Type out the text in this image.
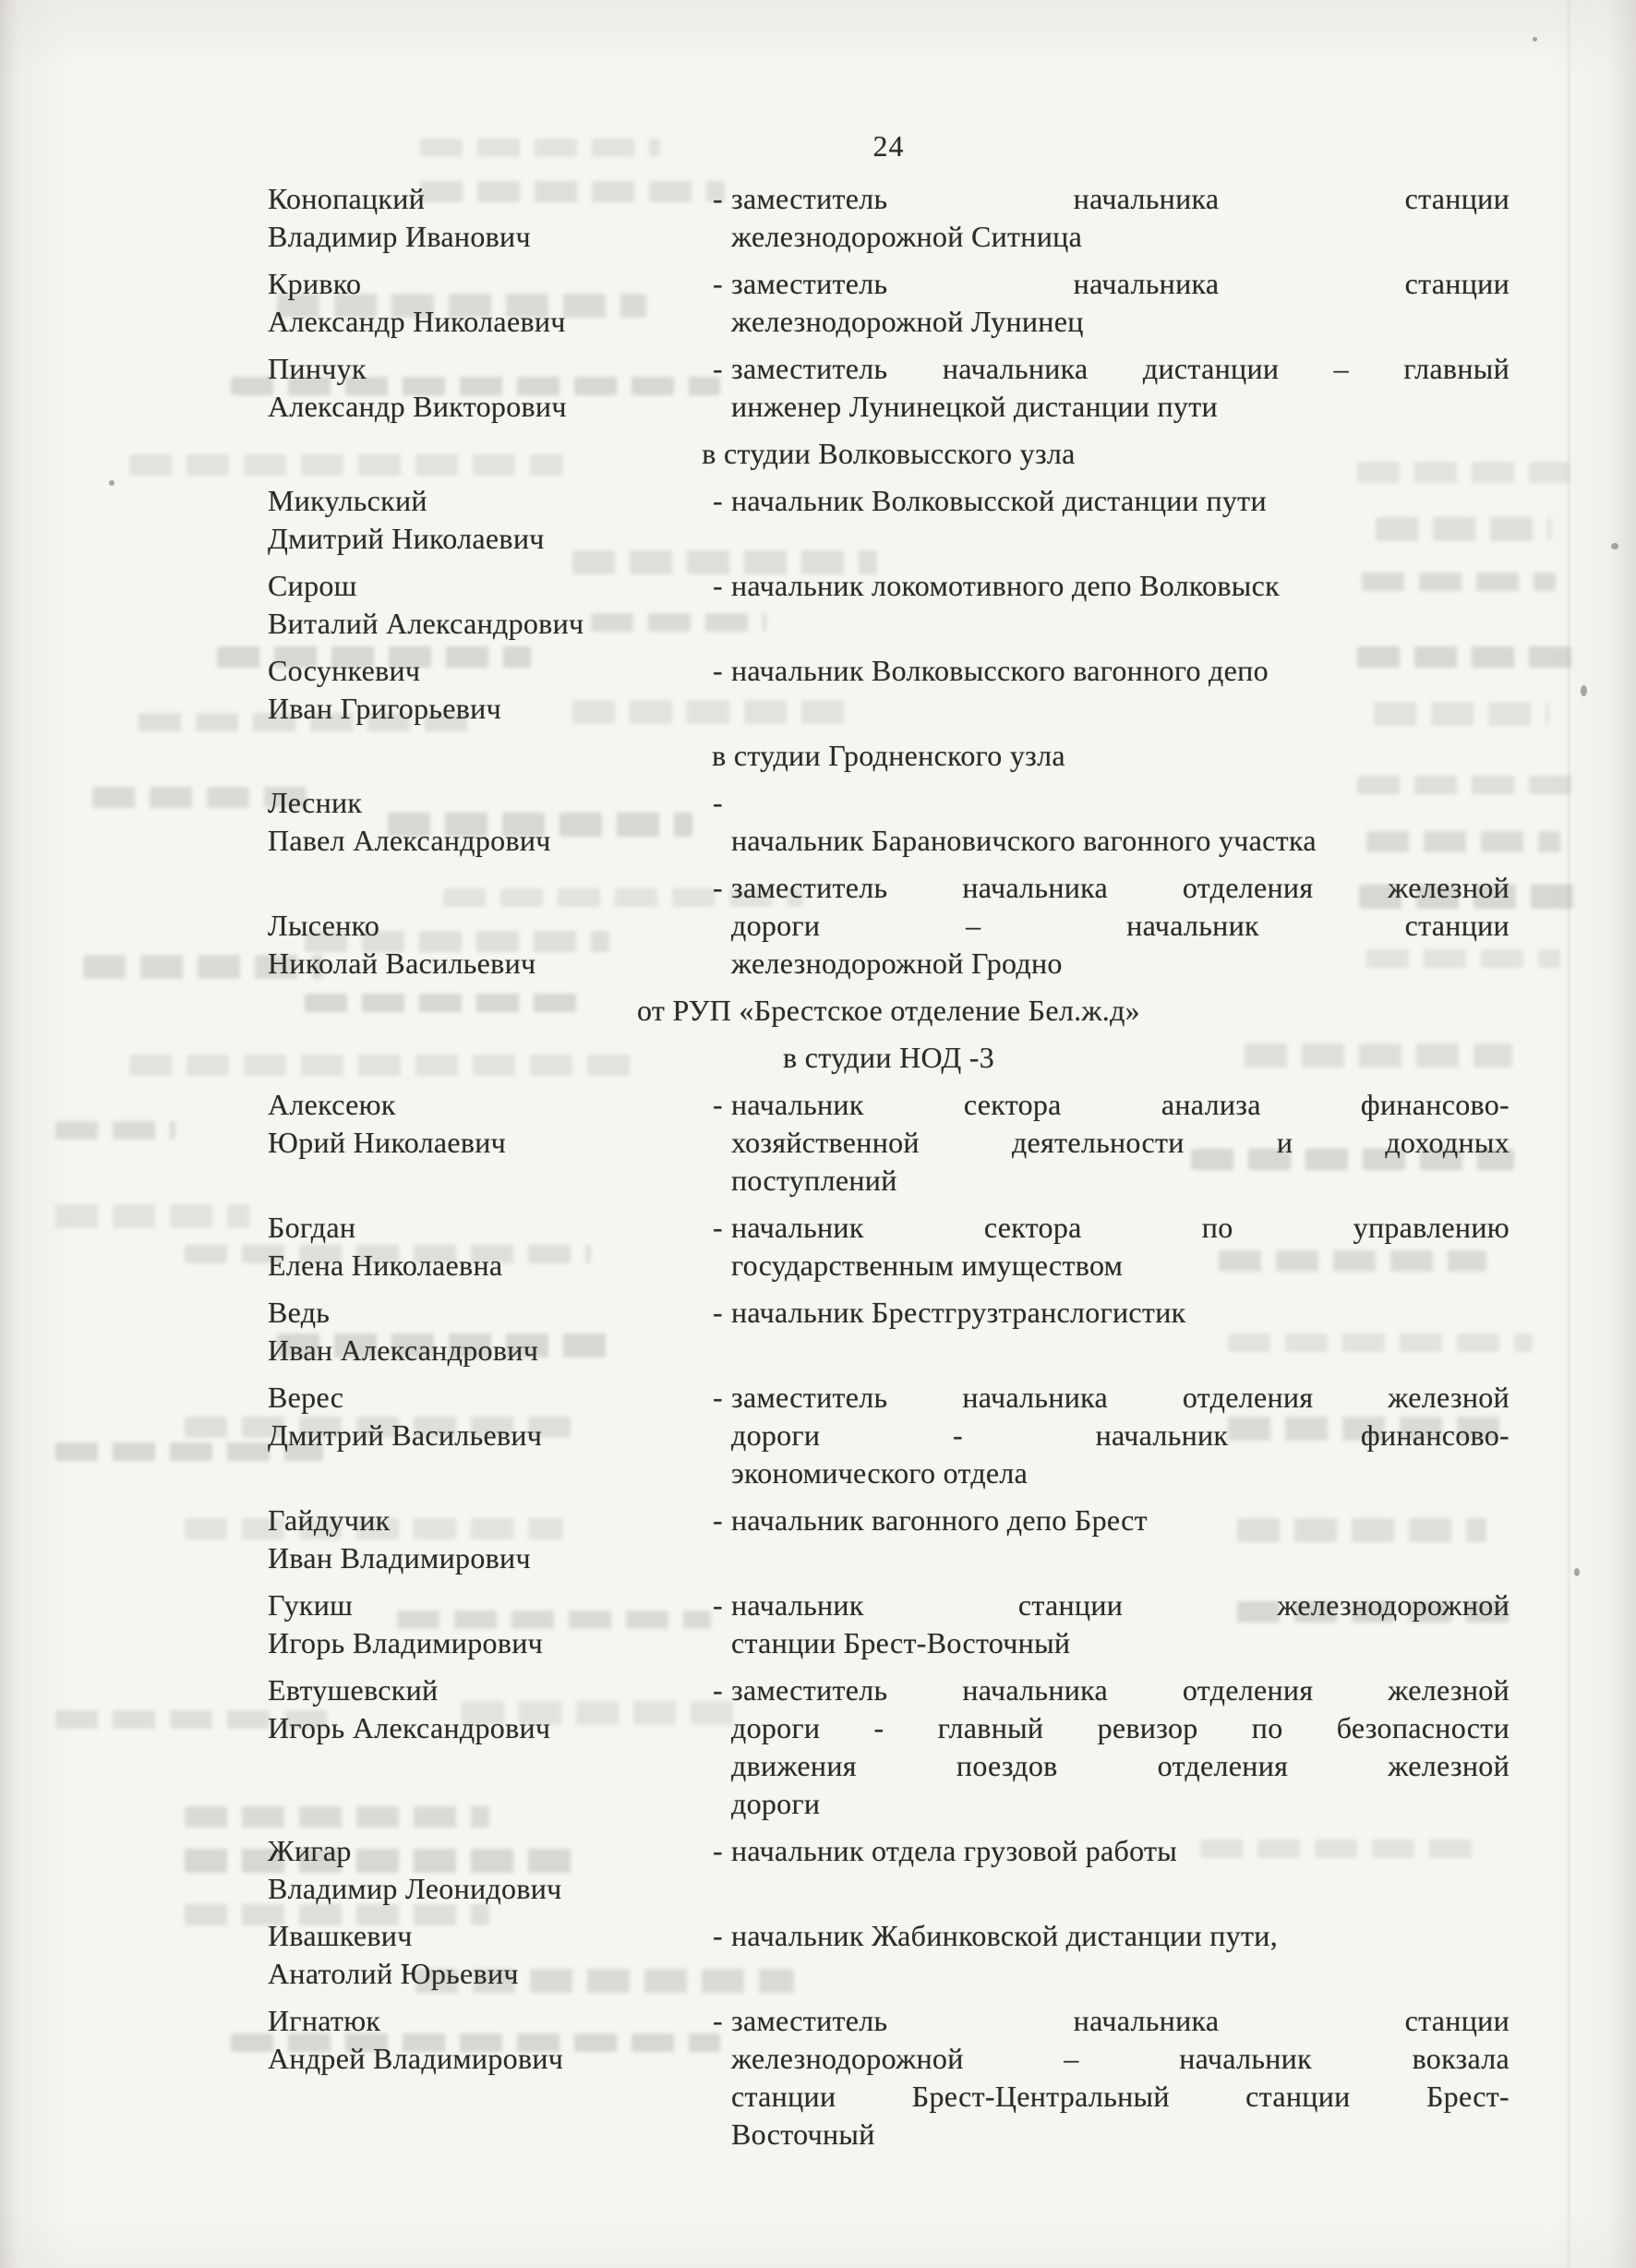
24
Конопацкий
Владимир Иванович
- заместитель начальника станции
железнодорожной Ситница
Кривко
Александр Николаевич
- заместитель начальника станции
железнодорожной Лунинец
Пинчук
Александр Викторович
- заместитель начальника дистанции – главный
инженер Лунинецкой дистанции пути
в студии Волковысского узла
Микульский
Дмитрий Николаевич
- начальник Волковысской дистанции пути
Сирош
Виталий Александрович
- начальник локомотивного депо Волковыск
Сосункевич
Иван Григорьевич
- начальник Волковысского вагонного депо
в студии Гродненского узла
Лесник
Павел Александрович
-
начальник Барановичского вагонного участка
Лысенко
Николай Васильевич
- заместитель начальника отделения железной
дороги – начальник станции
железнодорожной Гродно
от РУП «Брестское отделение Бел.ж.д»
в студии НОД -3
Алексеюк
Юрий Николаевич
- начальник сектора анализа финансово-
хозяйственной деятельности и доходных
поступлений
Богдан
Елена Николаевна
- начальник сектора по управлению
государственным имуществом
Ведь
Иван Александрович
- начальник Брестгрузтранслогистик
Верес
Дмитрий Васильевич
- заместитель начальника отделения железной
дороги - начальник финансово-
экономического отдела
Гайдучик
Иван Владимирович
- начальник вагонного депо Брест
Гукиш
Игорь Владимирович
- начальник станции железнодорожной
станции Брест-Восточный
Евтушевский
Игорь Александрович
- заместитель начальника отделения железной
дороги - главный ревизор по безопасности
движения поездов отделения железной
дороги
Жигар
Владимир Леонидович
- начальник отдела грузовой работы
Ивашкевич
Анатолий Юрьевич
- начальник Жабинковской дистанции пути,
Игнатюк
Андрей Владимирович
- заместитель начальника станции
железнодорожной – начальник вокзала
станции Брест-Центральный станции Брест-
Восточный
